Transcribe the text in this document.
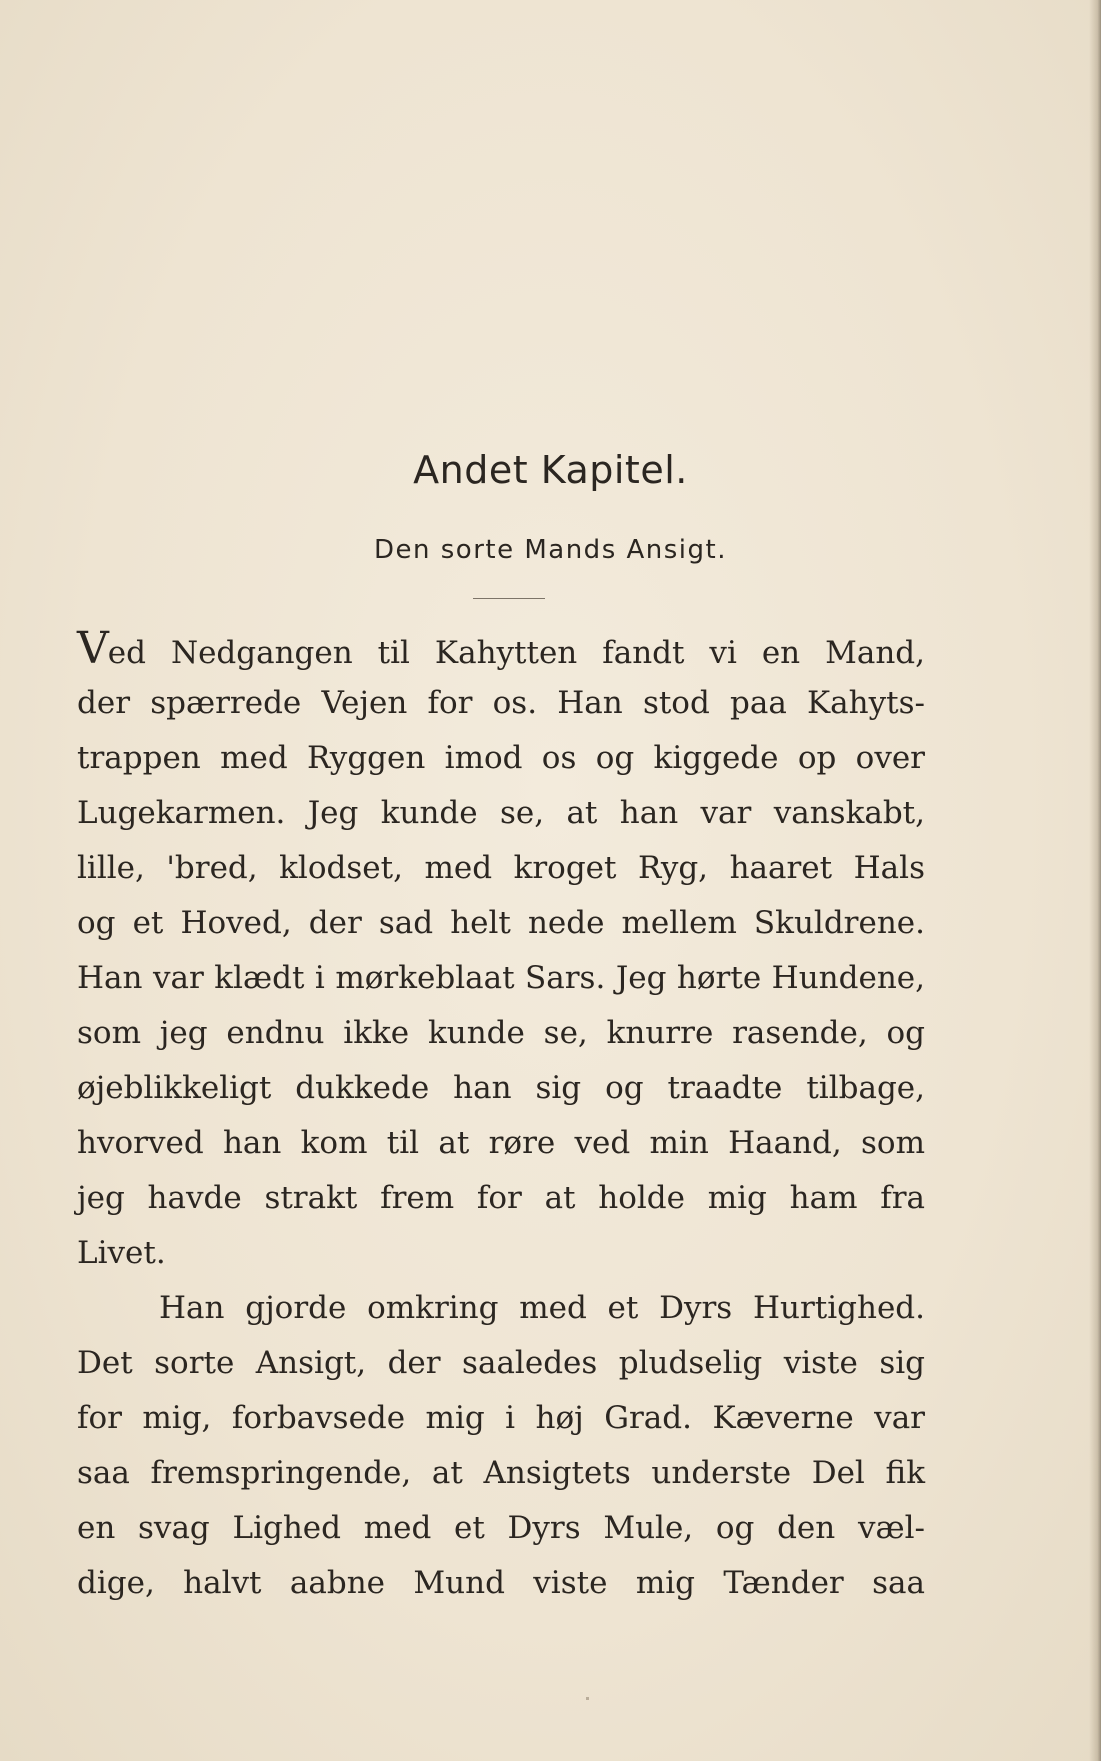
Andet Kapitel.
Den sorte Mands Ansigt.
Ved Nedgangen til Kahytten fandt vi en Mand,
der spærrede Vejen for os. Han stod paa Kahyts-
trappen med Ryggen imod os og kiggede op over
Lugekarmen. Jeg kunde se, at han var vanskabt,
lille, 'bred, klodset, med kroget Ryg, haaret Hals
og et Hoved, der sad helt nede mellem Skuldrene.
Han var klædt i mørkeblaat Sars. Jeg hørte Hundene,
som jeg endnu ikke kunde se, knurre rasende, og
øjeblikkeligt dukkede han sig og traadte tilbage,
hvorved han kom til at røre ved min Haand, som
jeg havde strakt frem for at holde mig ham fra
Livet.
Han gjorde omkring med et Dyrs Hurtighed.
Det sorte Ansigt, der saaledes pludselig viste sig
for mig, forbavsede mig i høj Grad. Kæverne var
saa fremspringende, at Ansigtets underste Del fik
en svag Lighed med et Dyrs Mule, og den væl-
dige, halvt aabne Mund viste mig Tænder saa
